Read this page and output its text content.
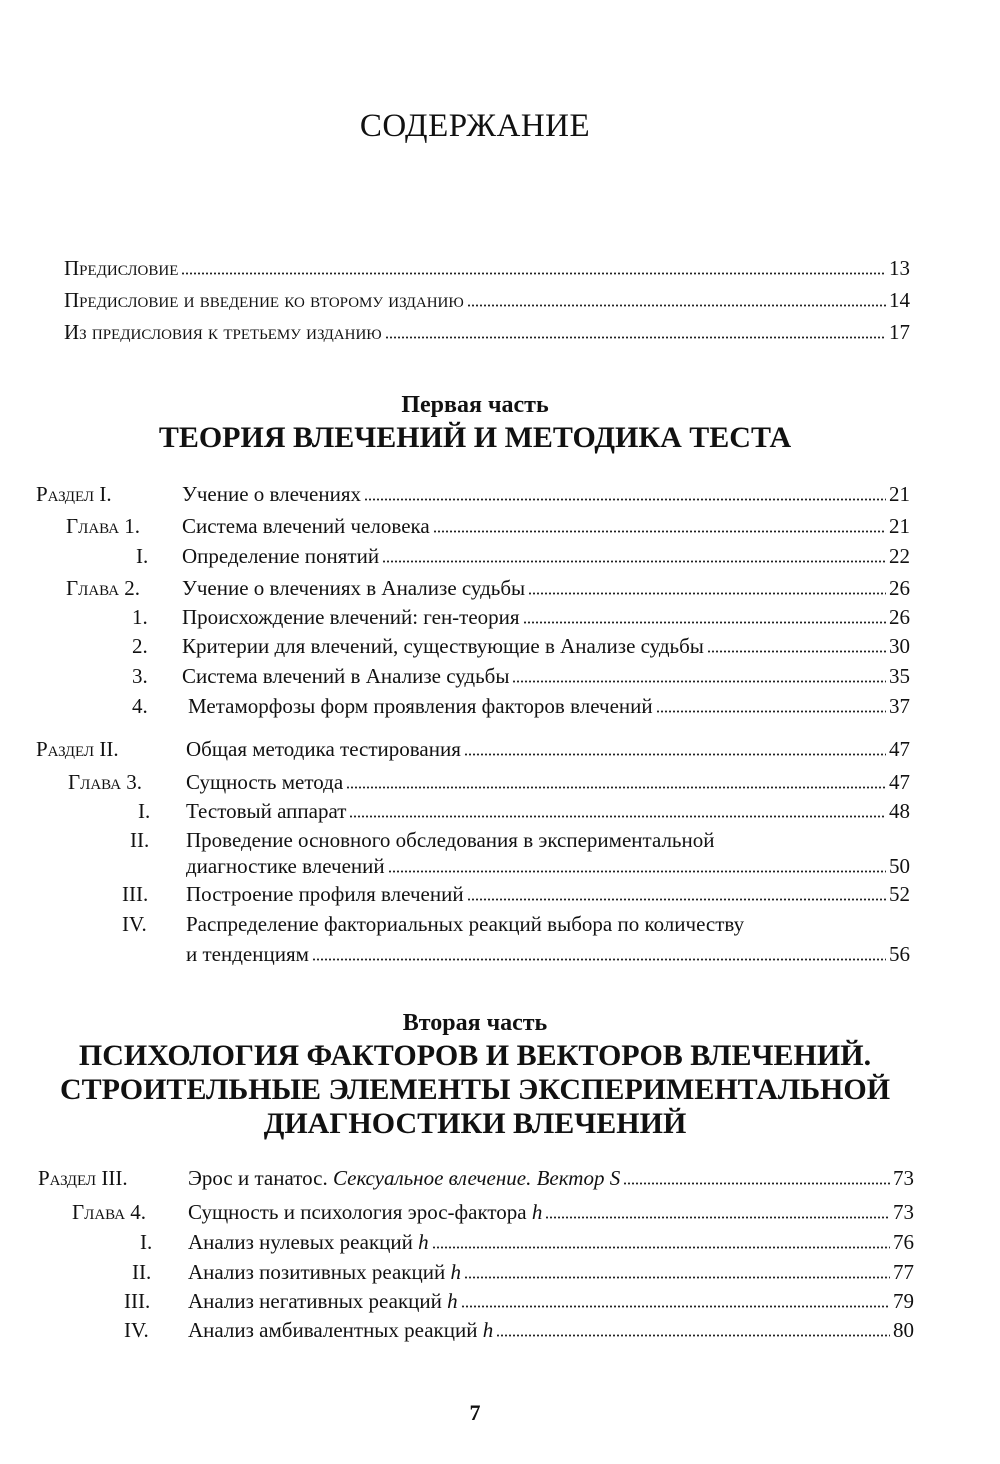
СОДЕРЖАНИЕ
Предисловие	13
Предисловие и введение ко второму изданию	14
Из предисловия к третьему изданию	17
Первая часть
ТЕОРИЯ ВЛЕЧЕНИЙ И МЕТОДИКА ТЕСТА
Раздел I.	Учение о влечениях	21
Глава 1. Система влечений человека	21
I. Определение понятий	22
Глава 2. Учение о влечениях в Анализе судьбы	26
1. Происхождение влечений: ген-теория	26
2. Критерии для влечений, существующие в Анализе судьбы	30
3. Система влечений в Анализе судьбы	35
4. Метаморфозы форм проявления факторов влечений	37
Раздел II.	Общая методика тестирования	47
Глава 3. Сущность метода	47
I. Тестовый аппарат	48
II. Проведение основного обследования в экспериментальной
диагностике влечений	50
III. Построение профиля влечений	52
IV. Распределение факториальных реакций выбора по количеству
и тенденциям	56
Вторая часть
ПСИХОЛОГИЯ ФАКТОРОВ И ВЕКТОРОВ ВЛЕЧЕНИЙ.
СТРОИТЕЛЬНЫЕ ЭЛЕМЕНТЫ ЭКСПЕРИМЕНТАЛЬНОЙ
ДИАГНОСТИКИ ВЛЕЧЕНИЙ
Раздел III.	Эрос и танатос. Сексуальное влечение. Вектор S	73
Глава 4. Сущность и психология эрос-фактора h	73
I. Анализ нулевых реакций h	76
II. Анализ позитивных реакций h	77
III. Анализ негативных реакций h	79
IV. Анализ амбивалентных реакций h	80
7
